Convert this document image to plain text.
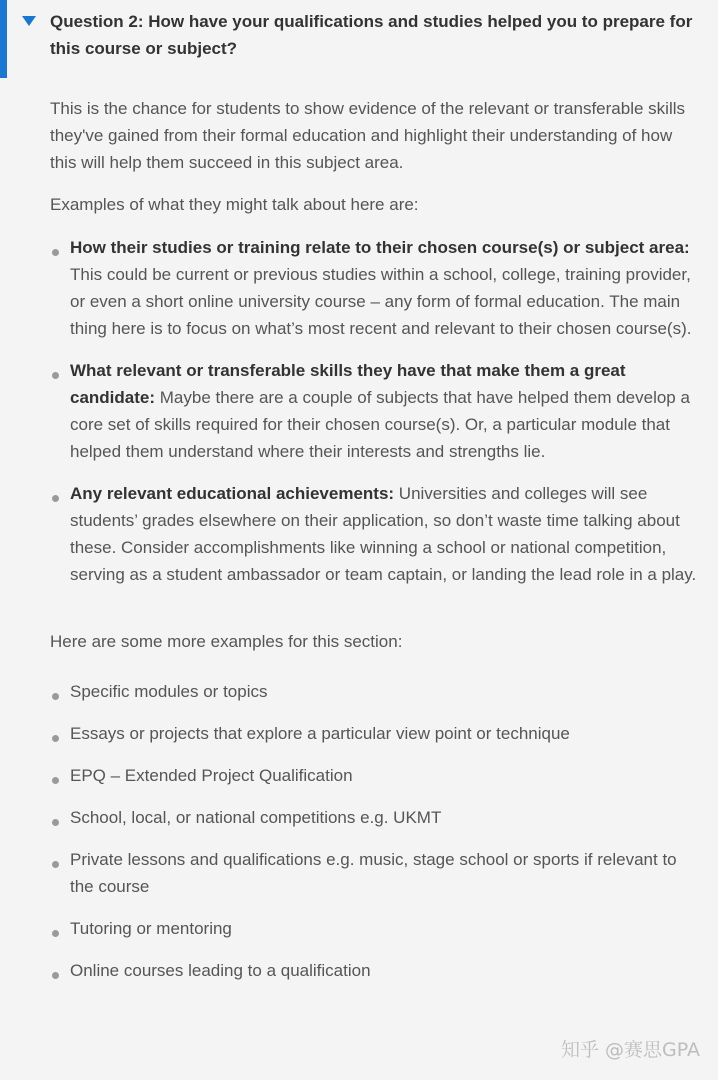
Question 2: How have your qualifications and studies helped you to prepare for this course or subject?

This is the chance for students to show evidence of the relevant or transferable skills they've gained from their formal education and highlight their understanding of how this will help them succeed in this subject area.

Examples of what they might talk about here are:

How their studies or training relate to their chosen course(s) or subject area: This could be current or previous studies within a school, college, training provider, or even a short online university course – any form of formal education. The main thing here is to focus on what’s most recent and relevant to their chosen course(s).
What relevant or transferable skills they have that make them a great candidate: Maybe there are a couple of subjects that have helped them develop a core set of skills required for their chosen course(s). Or, a particular module that helped them understand where their interests and strengths lie.
Any relevant educational achievements: Universities and colleges will see students’ grades elsewhere on their application, so don’t waste time talking about these. Consider accomplishments like winning a school or national competition, serving as a student ambassador or team captain, or landing the lead role in a play.

Here are some more examples for this section:

Specific modules or topics
Essays or projects that explore a particular view point or technique
EPQ – Extended Project Qualification
School, local, or national competitions e.g. UKMT
Private lessons and qualifications e.g. music, stage school or sports if relevant to the course
Tutoring or mentoring
Online courses leading to a qualification
知乎 @赛思GPA
